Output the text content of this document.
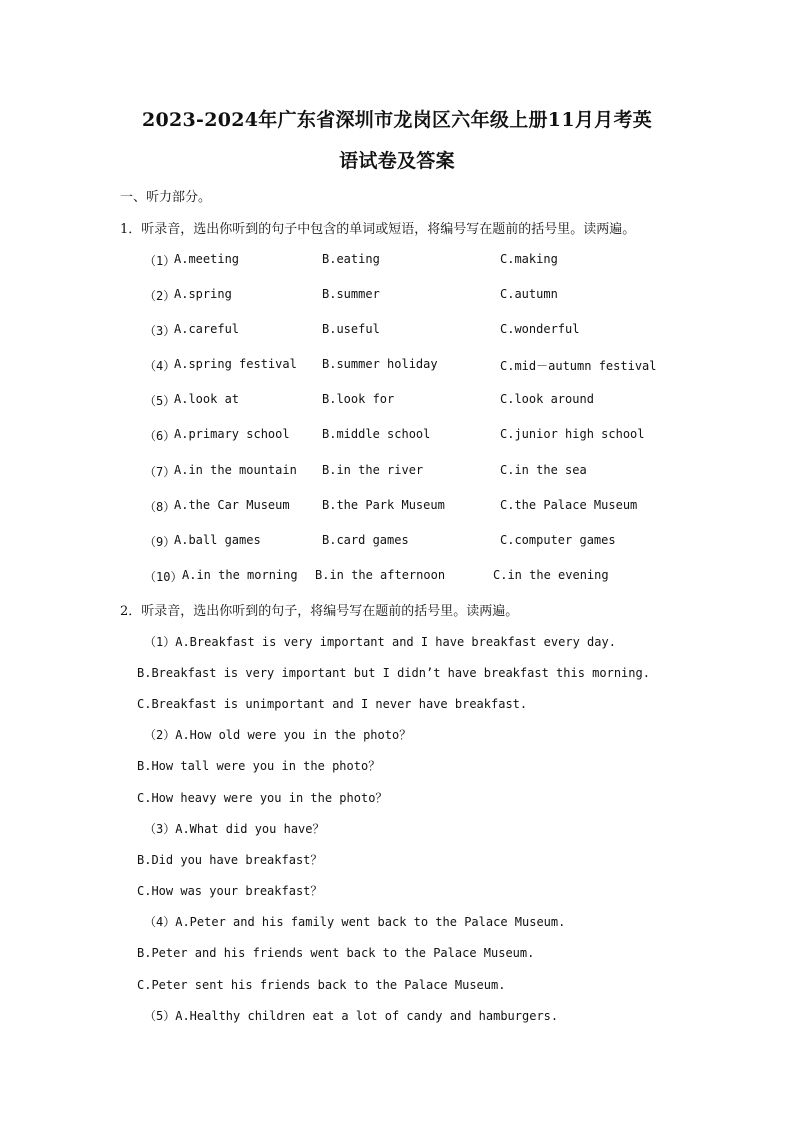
2023-2024年广东省深圳市龙岗区六年级上册11月月考英
语试卷及答案
一、听力部分。
1．听录音，选出你听到的句子中包含的单词或短语，将编号写在题前的括号里。读两遍。
（1）
A.meeting	B.eating	C.making
（2）
A.spring	B.summer	C.autumn
（3）
A.careful	B.useful	C.wonderful
（4）
A.spring festival B.summer holiday	C.mid－autumn festival
（5）
A.look at	B.look for	C.look around
（6）
A.primary school	B.middle school	C.junior high school
（7）
A.in the mountain B.in the river	C.in the sea
（8）
A.the Car Museum	B.the Park Museum	C.the Palace Museum
（9）
A.ball games	B.card games	C.computer games
（10） A.in the morning B.in the afternoon	C.in the evening
2．听录音，选出你听到的句子，将编号写在题前的括号里。读两遍。
（1）A.Breakfast is very important and I have breakfast every day.
B.Breakfast is very important but I didn’t have breakfast this morning.
C.Breakfast is unimportant and I never have breakfast.
（2）A.How old were you in the photo？
B.How tall were you in the photo？
C.How heavy were you in the photo？
（3）A.What did you have？
B.Did you have breakfast？
C.How was your breakfast？
（4）A.Peter and his family went back to the Palace Museum.
B.Peter and his friends went back to the Palace Museum.
C.Peter sent his friends back to the Palace Museum.
（5）A.Healthy children eat a lot of candy and hamburgers.
